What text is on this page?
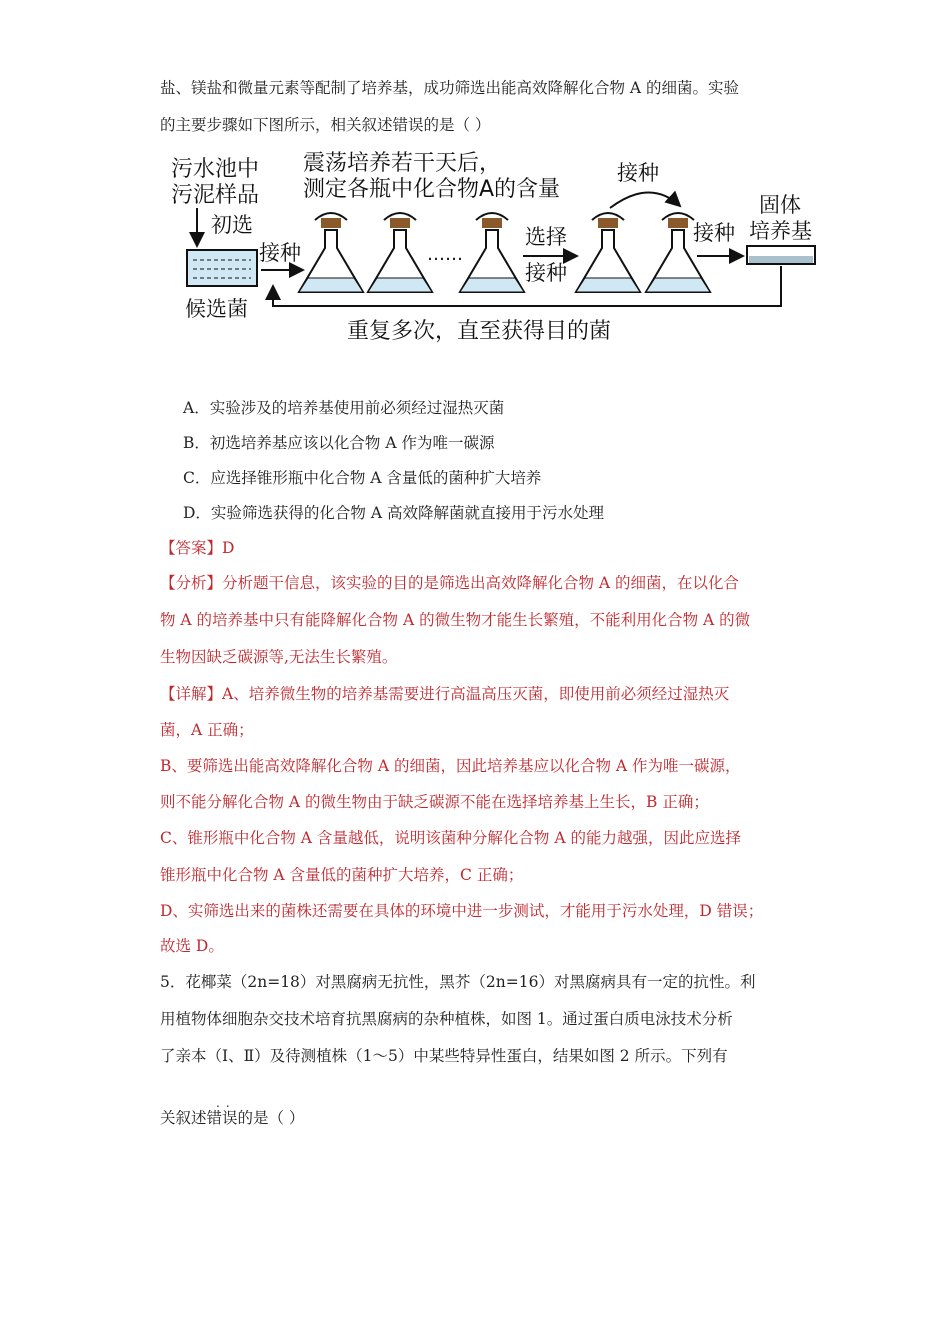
盐、镁盐和微量元素等配制了培养基，成功筛选出能高效降解化合物 A 的细菌。实验
的主要步骤如下图所示，相关叙述错误的是（ ）
污水池中
污泥样品
初选
候选菌
接种
震荡培养若干天后，
测定各瓶中化合物A的含量
……
选择
接种
接种
接种
固体
培养基
重复多次，直至获得目的菌
A．实验涉及的培养基使用前必须经过湿热灭菌
B．初选培养基应该以化合物 A 作为唯一碳源
C．应选择锥形瓶中化合物 A 含量低的菌种扩大培养
D．实验筛选获得的化合物 A 高效降解菌就直接用于污水处理
【答案】D
【分析】分析题干信息，该实验的目的是筛选出高效降解化合物 A 的细菌，在以化合
物 A 的培养基中只有能降解化合物 A 的微生物才能生长繁殖，不能利用化合物 A 的微
生物因缺乏碳源等,无法生长繁殖。
【详解】A、培养微生物的培养基需要进行高温高压灭菌，即使用前必须经过湿热灭
菌，A 正确；
B、要筛选出能高效降解化合物 A 的细菌，因此培养基应以化合物 A 作为唯一碳源，
则不能分解化合物 A 的微生物由于缺乏碳源不能在选择培养基上生长，B 正确；
C、锥形瓶中化合物 A 含量越低，说明该菌种分解化合物 A 的能力越强，因此应选择
锥形瓶中化合物 A 含量低的菌种扩大培养，C 正确；
D、实筛选出来的菌株还需要在具体的环境中进一步测试，才能用于污水处理，D 错误；
故选 D。
5．花椰菜（2n=18）对黑腐病无抗性，黑芥（2n=16）对黑腐病具有一定的抗性。利
用植物体细胞杂交技术培育抗黑腐病的杂种植株，如图 1。通过蛋白质电泳技术分析
了亲本（Ⅰ、Ⅱ）及待测植株（1～5）中某些特异性蛋白，结果如图 2 所示。下列有
..
关叙述错误的是（ ）
